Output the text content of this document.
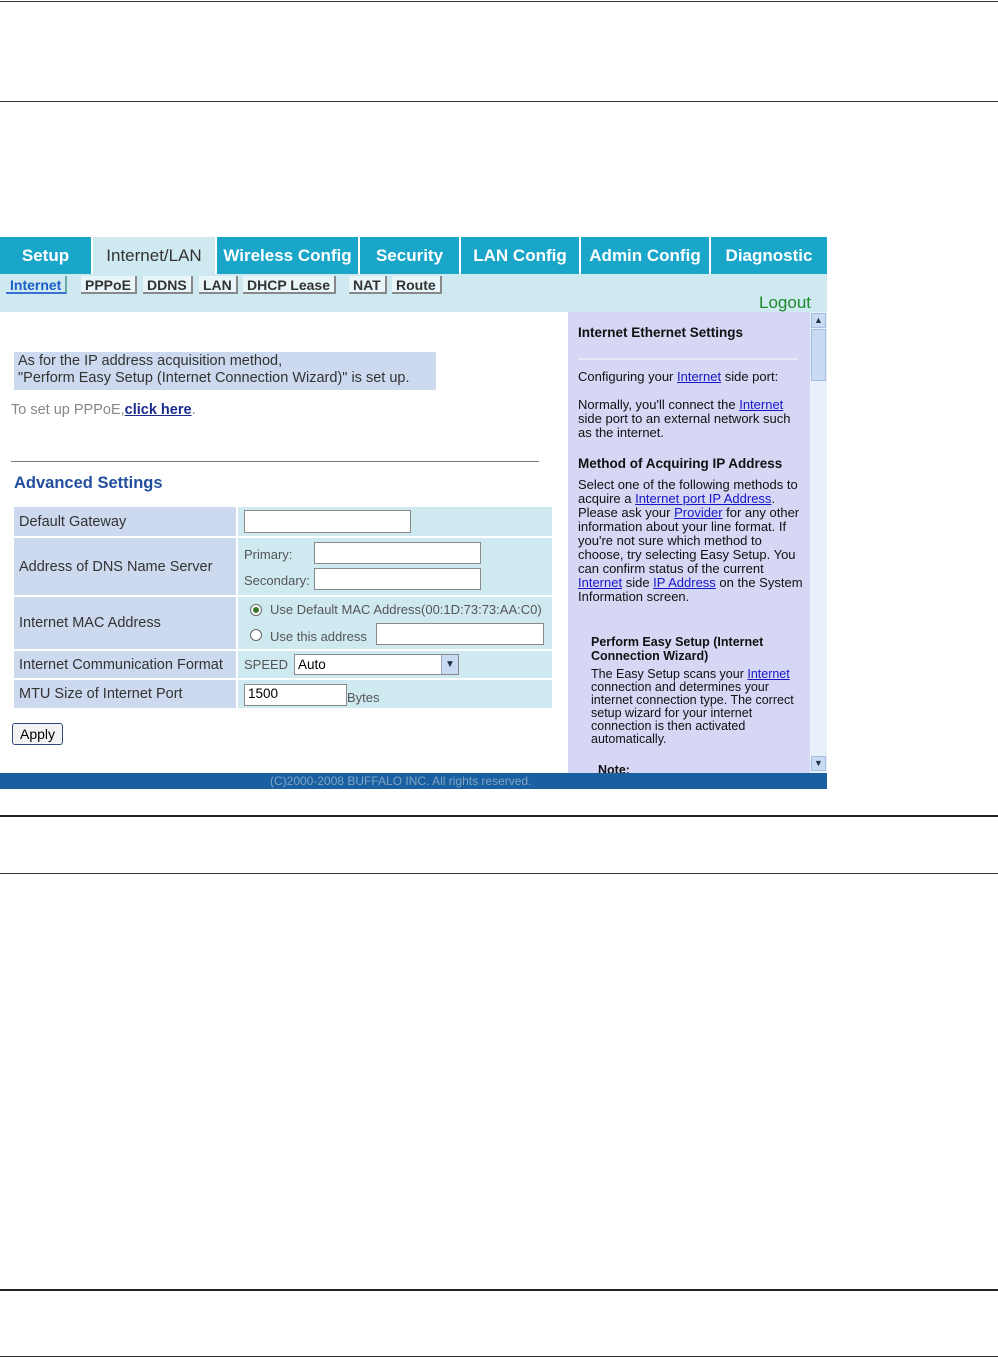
Setup	Internet/LAN	Wireless Config	Security	LAN Config	Admin Config	Diagnostic
Internet	PPPoE	DDNS	LAN	DHCP Lease	NAT	Route
Logout
As for the IP address acquisition method,
"Perform Easy Setup (Internet Connection Wizard)" is set up.
To set up PPPoE,click here.
Advanced Settings
Default Gateway	

Address of DNS Name Server	Primary:
Secondary:

Internet MAC Address	Use Default MAC Address(00:1D:73:73:AA:C0)
Use this address

Internet Communication Format	SPEED Auto ▼

MTU Size of Internet Port	1500 Bytes
Apply
Internet Ethernet Settings

Configuring your Internet side port:

Normally, you'll connect the Internet side port to an external network such as the internet.

Method of Acquiring IP Address

Select one of the following methods to acquire a Internet port IP Address. Please ask your Provider for any other information about your line format. If you're not sure which method to choose, try selecting Easy Setup. You can confirm status of the current Internet side IP Address on the System Information screen.

Perform Easy Setup (Internet Connection Wizard)

The Easy Setup scans your Internet connection and determines your internet connection type. The correct setup wizard for your internet connection is then activated automatically.

Note:
▲
▼
(C)2000-2008 BUFFALO INC. All rights reserved.
